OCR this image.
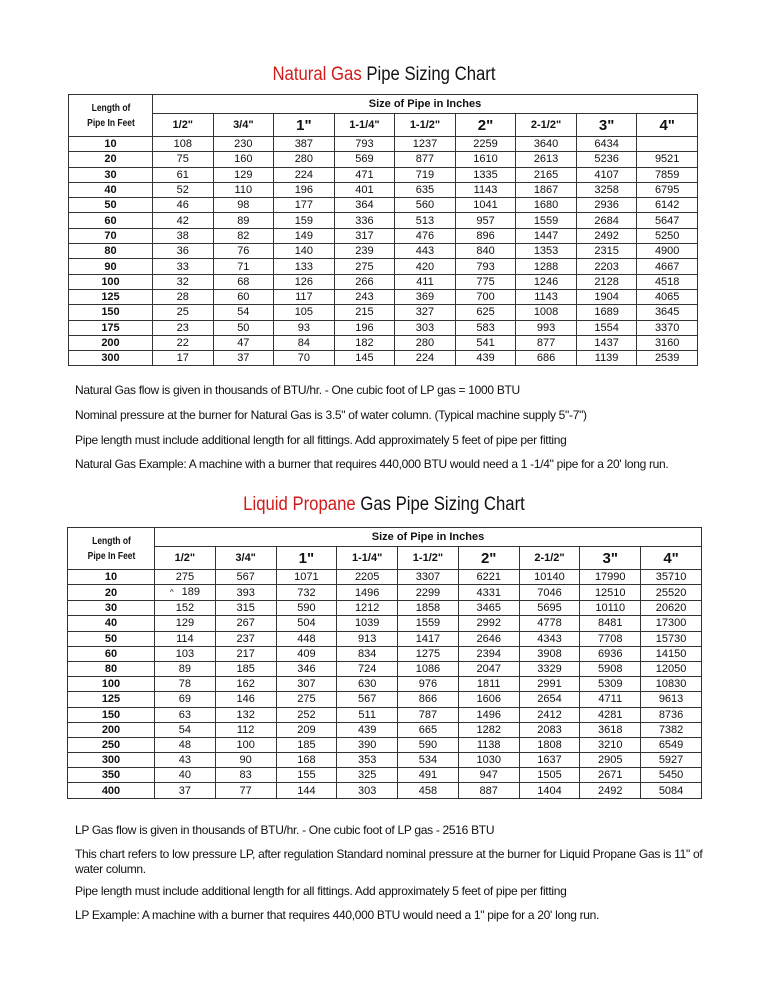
Natural Gas Pipe Sizing Chart
Length of
Pipe In Feet	Size of Pipe in Inches								
	1/2"	3/4"	1"	1-1/4"	1-1/2"	2"	2-1/2"	3"	4"
10	108	230	387	793	1237	2259	3640	6434	
20	75	160	280	569	877	1610	2613	5236	9521
30	61	129	224	471	719	1335	2165	4107	7859
40	52	110	196	401	635	1143	1867	3258	6795
50	46	98	177	364	560	1041	1680	2936	6142
60	42	89	159	336	513	957	1559	2684	5647
70	38	82	149	317	476	896	1447	2492	5250
80	36	76	140	239	443	840	1353	2315	4900
90	33	71	133	275	420	793	1288	2203	4667
100	32	68	126	266	411	775	1246	2128	4518
125	28	60	117	243	369	700	1143	1904	4065
150	25	54	105	215	327	625	1008	1689	3645
175	23	50	93	196	303	583	993	1554	3370
200	22	47	84	182	280	541	877	1437	3160
300	17	37	70	145	224	439	686	1139	2539
Natural Gas flow is given in thousands of BTU/hr. - One cubic foot of LP gas = 1000 BTU
Nominal pressure at the burner for Natural Gas is 3.5" of water column. (Typical machine supply 5"-7")
Pipe length must include additional length for all fittings. Add approximately 5 feet of pipe per fitting
Natural Gas Example: A machine with a burner that requires 440,000 BTU would need a 1 -1/4" pipe for a 20' long run.
Liquid Propane Gas Pipe Sizing Chart
Length of
Pipe In Feet	Size of Pipe in Inches								
	1/2"	3/4"	1"	1-1/4"	1-1/2"	2"	2-1/2"	3"	4"
10	275	567	1071	2205	3307	6221	10140	17990	35710
20	^ 189	393	732	1496	2299	4331	7046	12510	25520
30	152	315	590	1212	1858	3465	5695	10110	20620
40	129	267	504	1039	1559	2992	4778	8481	17300
50	114	237	448	913	1417	2646	4343	7708	15730
60	103	217	409	834	1275	2394	3908	6936	14150
80	89	185	346	724	1086	2047	3329	5908	12050
100	78	162	307	630	976	1811	2991	5309	10830
125	69	146	275	567	866	1606	2654	4711	9613
150	63	132	252	511	787	1496	2412	4281	8736
200	54	112	209	439	665	1282	2083	3618	7382
250	48	100	185	390	590	1138	1808	3210	6549
300	43	90	168	353	534	1030	1637	2905	5927
350	40	83	155	325	491	947	1505	2671	5450
400	37	77	144	303	458	887	1404	2492	5084
LP Gas flow is given in thousands of BTU/hr. - One cubic foot of LP gas - 2516 BTU
This chart refers to low pressure LP, after regulation Standard nominal pressure at the burner for Liquid Propane Gas is 11" of water column.
Pipe length must include additional length for all fittings. Add approximately 5 feet of pipe per fitting
LP Example: A machine with a burner that requires 440,000 BTU would need a 1" pipe for a 20' long run.
